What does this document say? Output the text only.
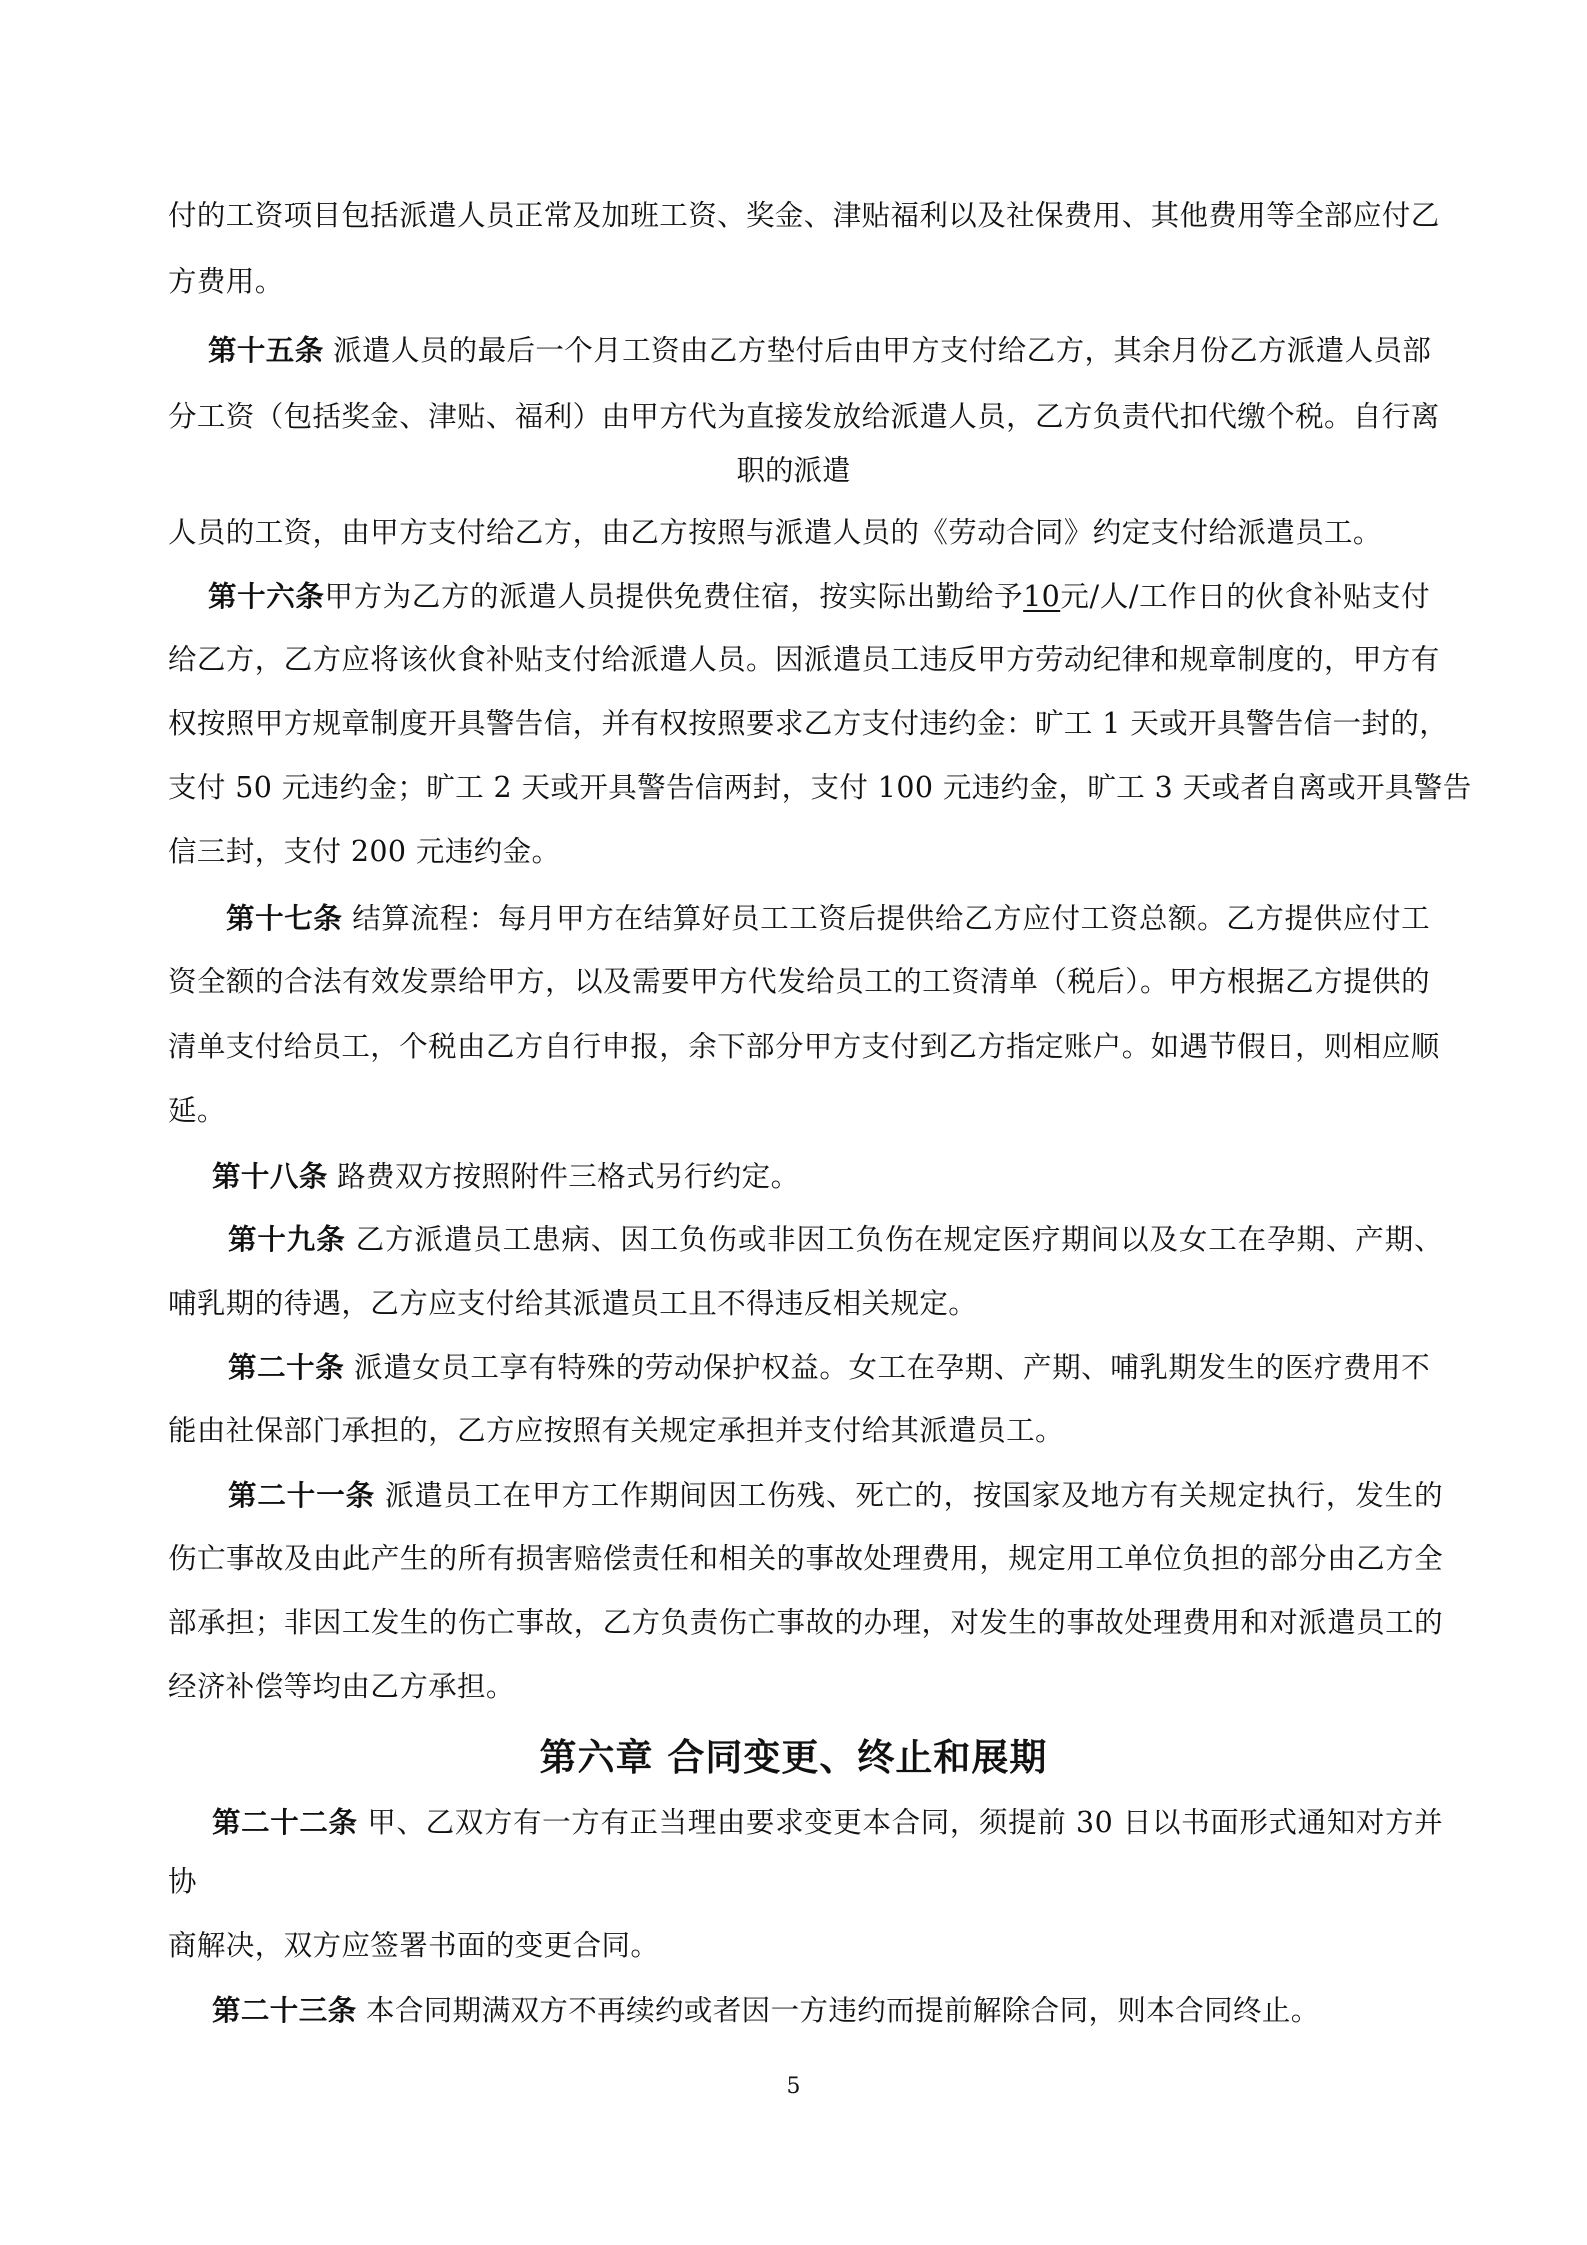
付的工资项目包括派遣人员正常及加班工资、奖金、津贴福利以及社保费用、其他费用等全部应付乙
方费用。
第十五条 派遣人员的最后一个月工资由乙方垫付后由甲方支付给乙方，其余月份乙方派遣人员部
分工资（包括奖金、津贴、福利）由甲方代为直接发放给派遣人员，乙方负责代扣代缴个税。自行离
职的派遣
人员的工资，由甲方支付给乙方，由乙方按照与派遣人员的《劳动合同》约定支付给派遣员工。
第十六条甲方为乙方的派遣人员提供免费住宿，按实际出勤给予10元/人/工作日的伙食补贴支付
给乙方，乙方应将该伙食补贴支付给派遣人员。因派遣员工违反甲方劳动纪律和规章制度的，甲方有
权按照甲方规章制度开具警告信，并有权按照要求乙方支付违约金：旷工 1 天或开具警告信一封的，
支付 50 元违约金；旷工 2 天或开具警告信两封，支付 100 元违约金，旷工 3 天或者自离或开具警告
信三封，支付 200 元违约金。
第十七条 结算流程：每月甲方在结算好员工工资后提供给乙方应付工资总额。乙方提供应付工
资全额的合法有效发票给甲方，以及需要甲方代发给员工的工资清单（税后）。甲方根据乙方提供的
清单支付给员工，个税由乙方自行申报，余下部分甲方支付到乙方指定账户。如遇节假日，则相应顺
延。
第十八条 路费双方按照附件三格式另行约定。
第十九条 乙方派遣员工患病、因工负伤或非因工负伤在规定医疗期间以及女工在孕期、产期、
哺乳期的待遇，乙方应支付给其派遣员工且不得违反相关规定。
第二十条 派遣女员工享有特殊的劳动保护权益。女工在孕期、产期、哺乳期发生的医疗费用不
能由社保部门承担的，乙方应按照有关规定承担并支付给其派遣员工。
第二十一条 派遣员工在甲方工作期间因工伤残、死亡的，按国家及地方有关规定执行，发生的
伤亡事故及由此产生的所有损害赔偿责任和相关的事故处理费用，规定用工单位负担的部分由乙方全
部承担；非因工发生的伤亡事故，乙方负责伤亡事故的办理，对发生的事故处理费用和对派遣员工的
经济补偿等均由乙方承担。
第六章 合同变更、终止和展期
第二十二条 甲、乙双方有一方有正当理由要求变更本合同，须提前 30 日以书面形式通知对方并
协
商解决，双方应签署书面的变更合同。
第二十三条 本合同期满双方不再续约或者因一方违约而提前解除合同，则本合同终止。
5
